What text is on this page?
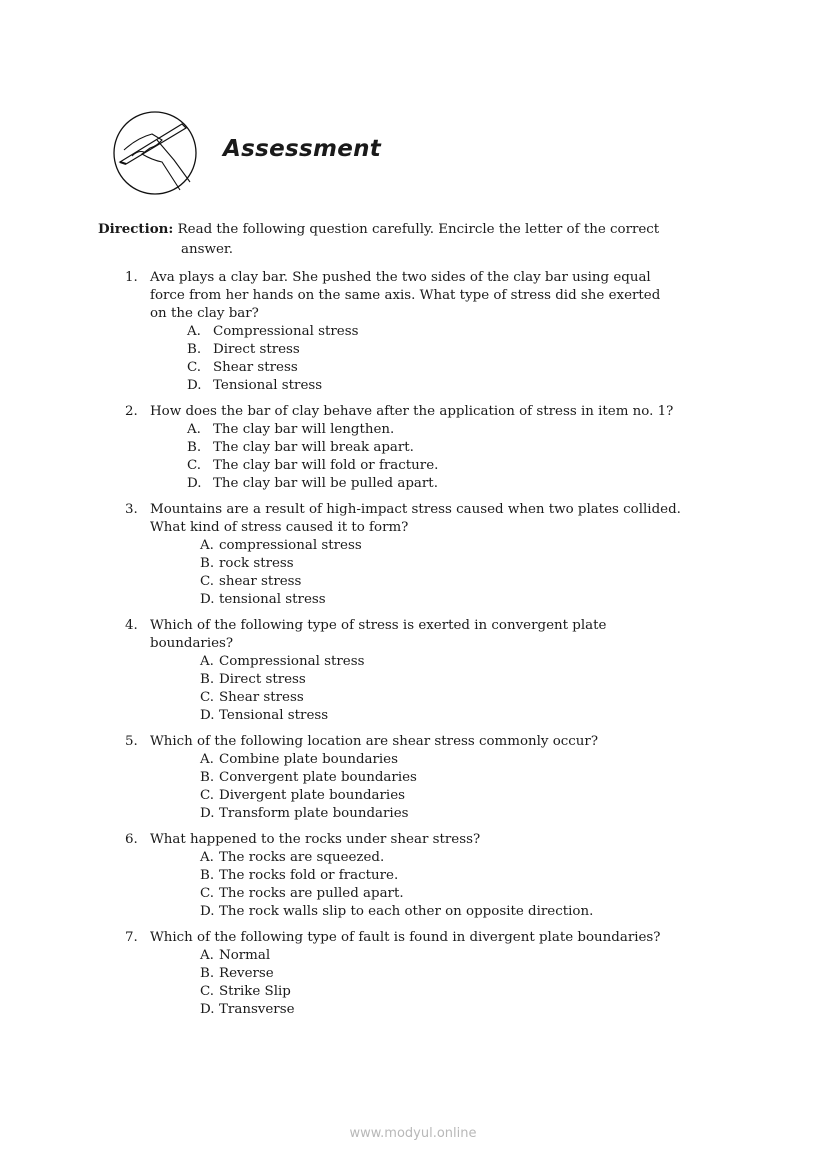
Assessment
Direction: Read the following question carefully. Encircle the letter of the correct
answer.
1. Ava plays a clay bar. She pushed the two sides of the clay bar using equal
force from her hands on the same axis. What type of stress did she exerted
on the clay bar?
A. Compressional stress
B. Direct stress
C. Shear stress
D. Tensional stress
2. How does the bar of clay behave after the application of stress in item no. 1?
A. The clay bar will lengthen.
B. The clay bar will break apart.
C. The clay bar will fold or fracture.
D. The clay bar will be pulled apart.
3. Mountains are a result of high-impact stress caused when two plates collided.
What kind of stress caused it to form?
A. compressional stress
B. rock stress
C. shear stress
D. tensional stress
4. Which of the following type of stress is exerted in convergent plate
boundaries?
A. Compressional stress
B. Direct stress
C. Shear stress
D. Tensional stress
5. Which of the following location are shear stress commonly occur?
A. Combine plate boundaries
B. Convergent plate boundaries
C. Divergent plate boundaries
D. Transform plate boundaries
6. What happened to the rocks under shear stress?
A. The rocks are squeezed.
B. The rocks fold or fracture.
C. The rocks are pulled apart.
D. The rock walls slip to each other on opposite direction.
7. Which of the following type of fault is found in divergent plate boundaries?
A. Normal
B. Reverse
C. Strike Slip
D. Transverse
www.modyul.online
